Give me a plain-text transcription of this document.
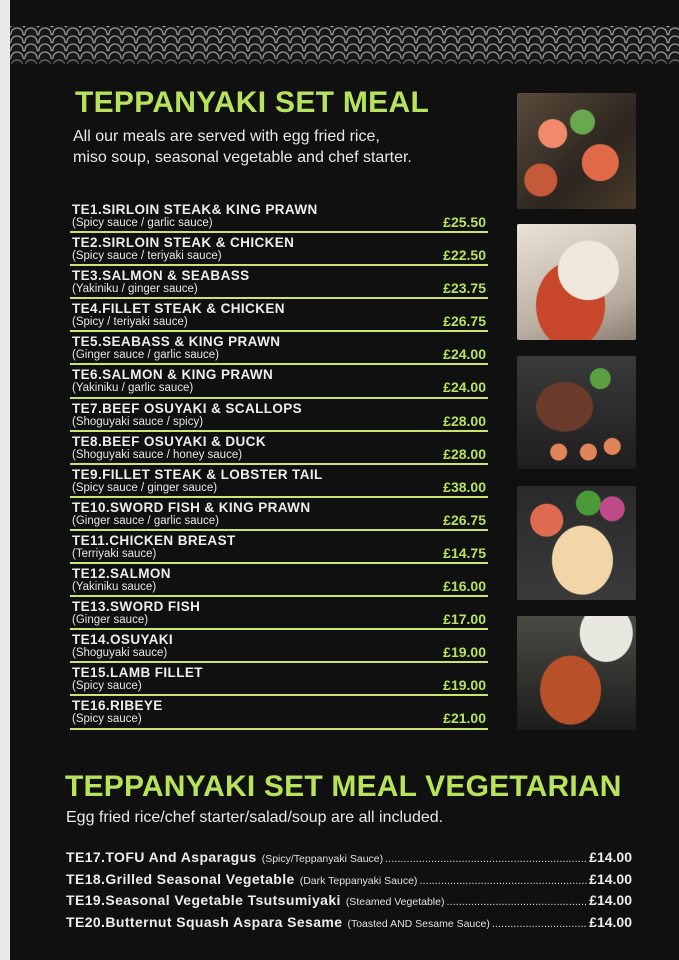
TEPPANYAKI SET MEAL
All our meals are served with egg fried rice,
miso soup, seasonal vegetable and chef starter.
TE1.SIRLOIN STEAK& KING PRAWN
(Spicy sauce / garlic sauce)	£25.50
TE2.SIRLOIN STEAK & CHICKEN
(Spicy sauce / teriyaki sauce)	£22.50
TE3.SALMON & SEABASS
(Yakiniku / ginger sauce)	£23.75
TE4.FILLET STEAK & CHICKEN
(Spicy / teriyaki sauce)	£26.75
TE5.SEABASS & KING PRAWN
(Ginger sauce / garlic sauce)	£24.00
TE6.SALMON & KING PRAWN
(Yakiniku / garlic sauce)	£24.00
TE7.BEEF OSUYAKI & SCALLOPS
(Shoguyaki sauce / spicy)	£28.00
TE8.BEEF OSUYAKI & DUCK
(Shoguyaki sauce / honey sauce)	£28.00
TE9.FILLET STEAK & LOBSTER TAIL
(Spicy sauce / ginger sauce)	£38.00
TE10.SWORD FISH & KING PRAWN
(Ginger sauce / garlic sauce)	£26.75
TE11.CHICKEN BREAST
(Terriyaki sauce)	£14.75
TE12.SALMON
(Yakiniku sauce)	£16.00
TE13.SWORD FISH
(Ginger sauce)	£17.00
TE14.OSUYAKI
(Shoguyaki sauce)	£19.00
TE15.LAMB FILLET
(Spicy sauce)	£19.00
TE16.RIBEYE
(Spicy sauce)	£21.00
TEPPANYAKI SET MEAL VEGETARIAN
Egg fried rice/chef starter/salad/soup are all included.
TE17.TOFU And Asparagus (Spicy/Teppanyaki Sauce) .....	£14.00
TE18.Grilled Seasonal Vegetable (Dark Teppanyaki Sauce) .....	£14.00
TE19.Seasonal Vegetable Tsutsumiyaki (Steamed Vegetable) .....	£14.00
TE20.Butternut Squash Aspara Sesame (Toasted AND Sesame Sauce) .....	£14.00
